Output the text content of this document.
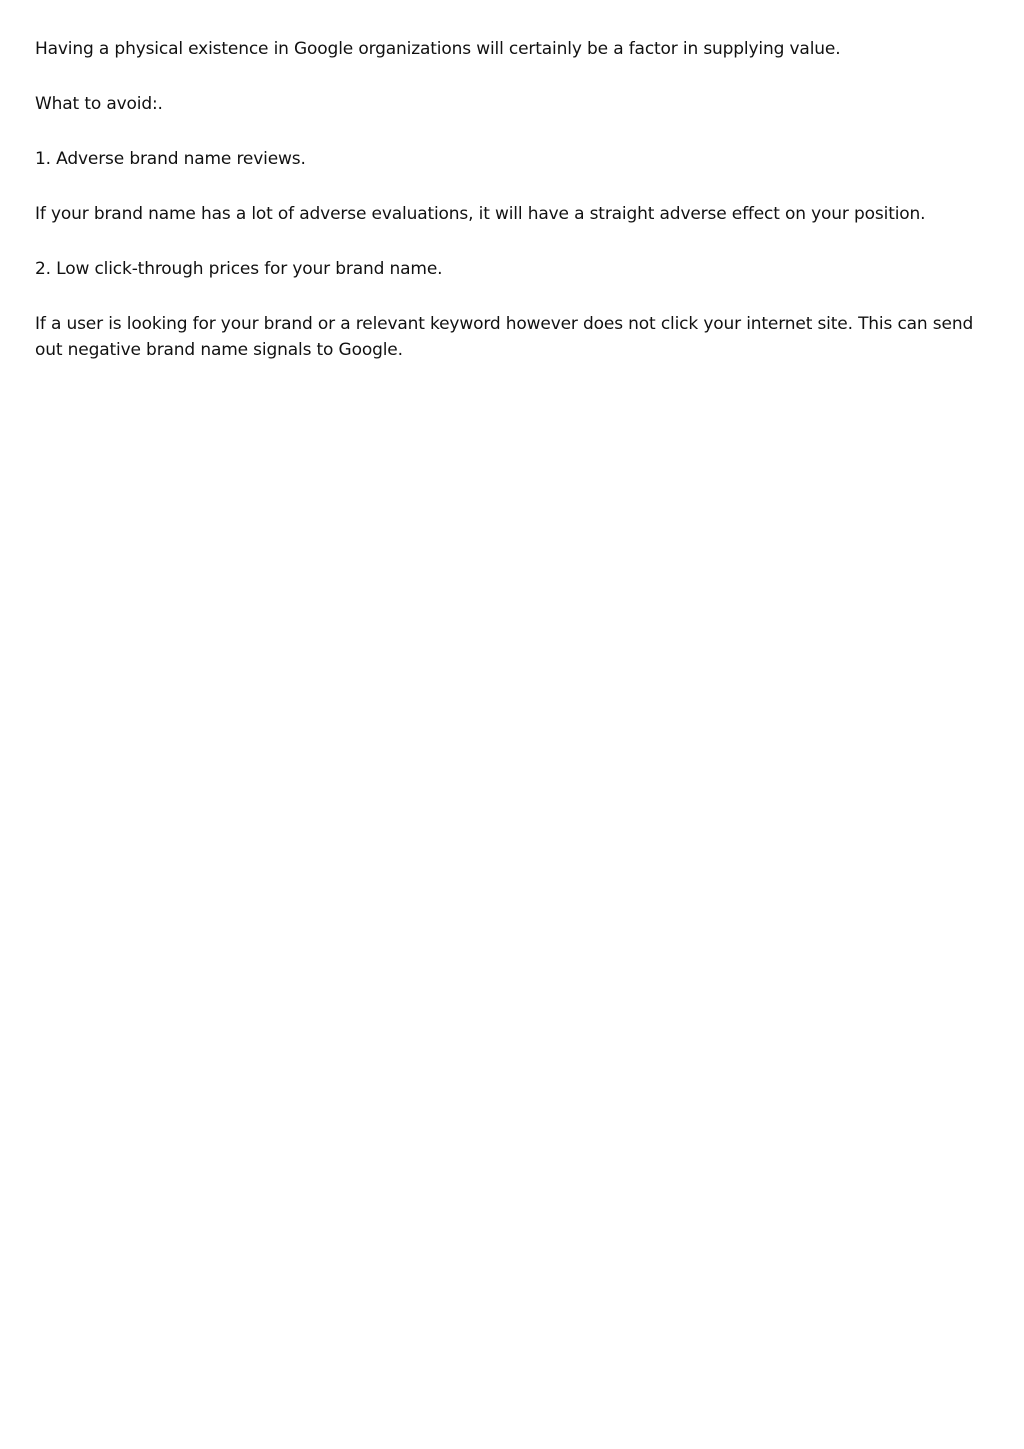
Having a physical existence in Google organizations will certainly be a factor in supplying value.

What to avoid:.

1. Adverse brand name reviews.

If your brand name has a lot of adverse evaluations, it will have a straight adverse effect on your position.

2. Low click-through prices for your brand name.

If a user is looking for your brand or a relevant keyword however does not click your internet site. This can send out negative brand name signals to Google.
